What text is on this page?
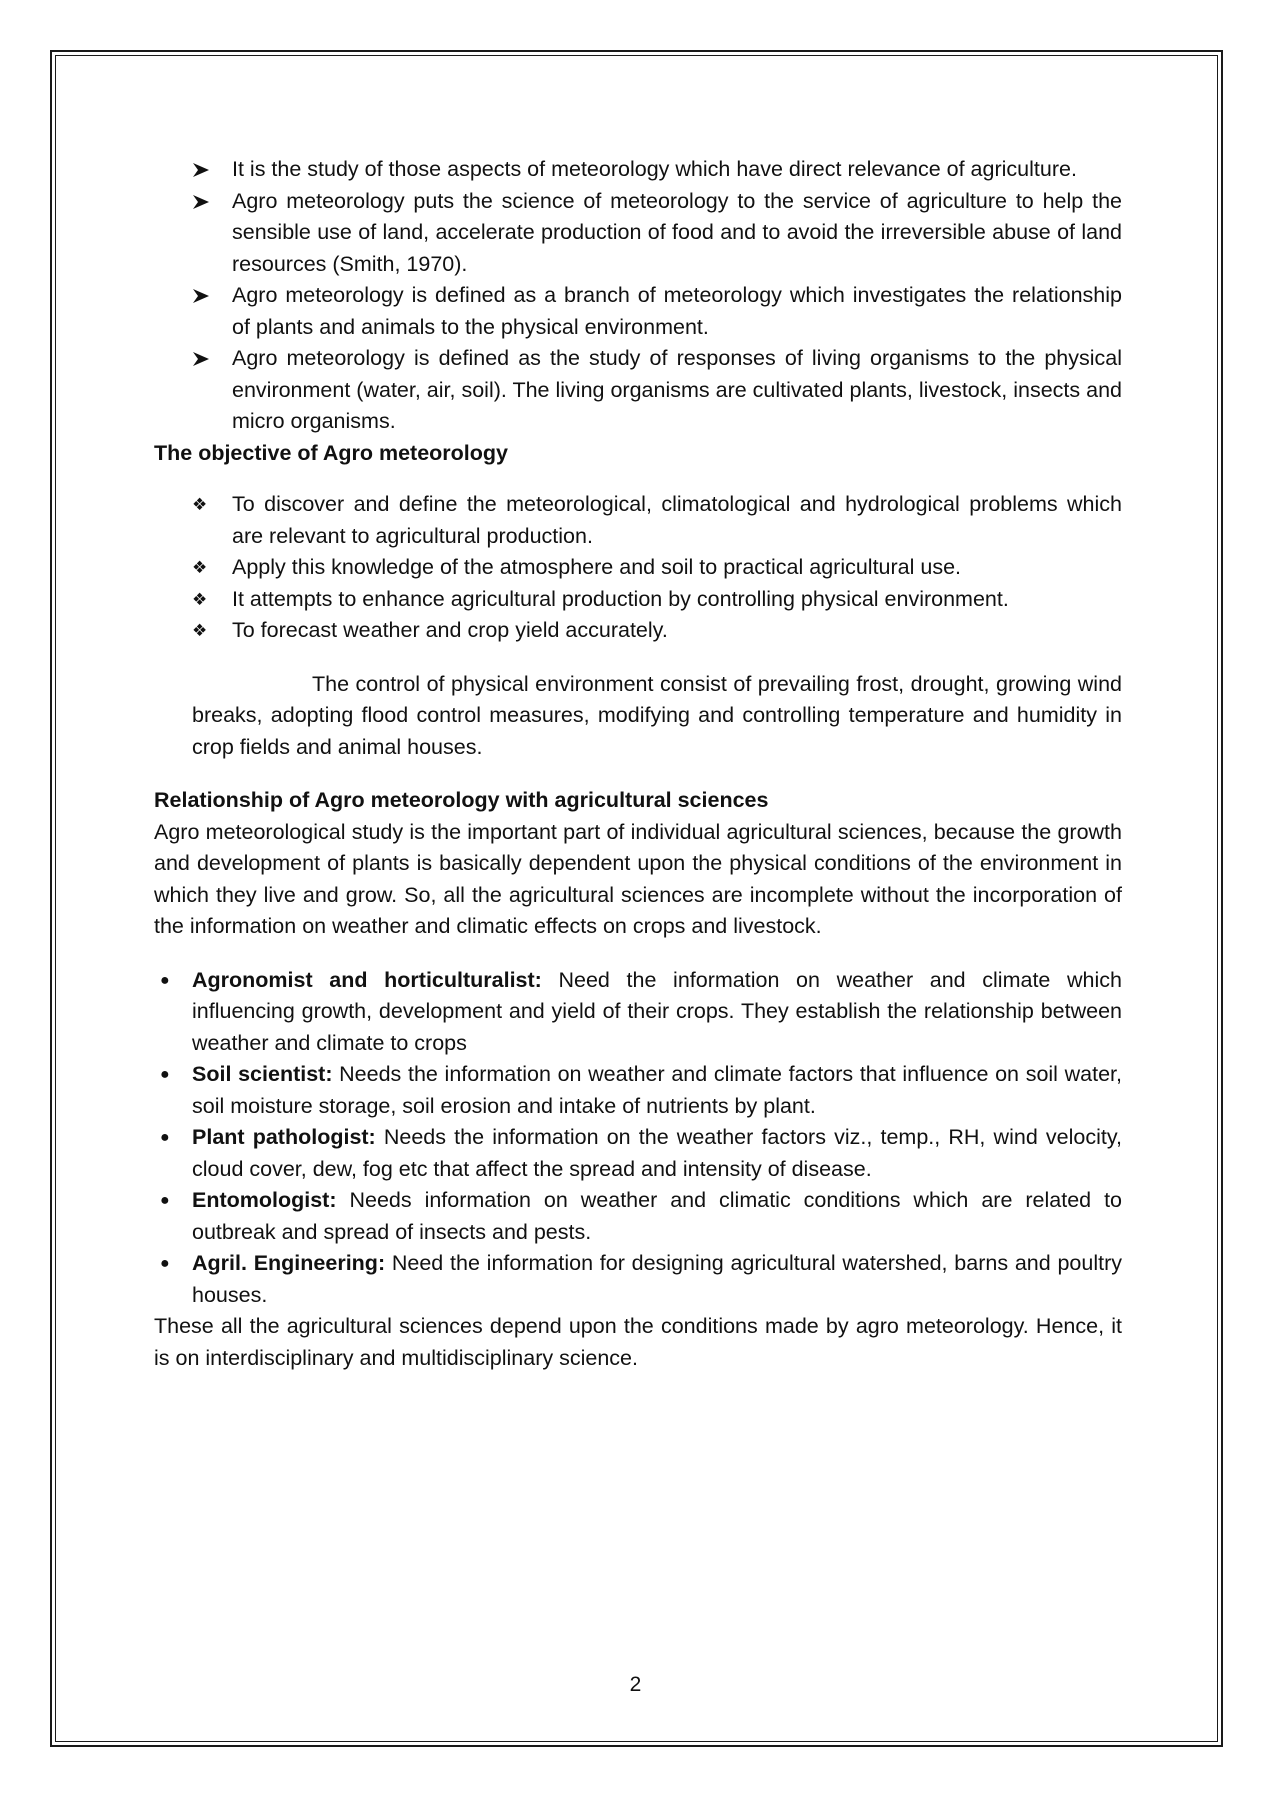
It is the study of those aspects of meteorology which have direct relevance of agriculture.
Agro meteorology puts the science of meteorology to the service of agriculture to help the sensible use of land, accelerate production of food and to avoid the irreversible abuse of land resources (Smith, 1970).
Agro meteorology is defined as a branch of meteorology which investigates the relationship of plants and animals to the physical environment.
Agro meteorology is defined as the study of responses of living organisms to the physical environment (water, air, soil). The living organisms are cultivated plants, livestock, insects and micro organisms.

The objective of Agro meteorology

❖	To discover and define the meteorological, climatological and hydrological problems which are relevant to agricultural production.
❖	Apply this knowledge of the atmosphere and soil to practical agricultural use.
❖	It attempts to enhance agricultural production by controlling physical environment.
❖	To forecast weather and crop yield accurately.

The control of physical environment consist of prevailing frost, drought, growing wind breaks, adopting flood control measures, modifying and controlling temperature and humidity in crop fields and animal houses.

Relationship of Agro meteorology with agricultural sciences

Agro meteorological study is the important part of individual agricultural sciences, because the growth and development of plants is basically dependent upon the physical conditions of the environment in which they live and grow. So, all the agricultural sciences are incomplete without the incorporation of the information on weather and climatic effects on crops and livestock.

●	Agronomist and horticulturalist: Need the information on weather and climate which influencing growth, development and yield of their crops. They establish the relationship between weather and climate to crops
●	Soil scientist: Needs the information on weather and climate factors that influence on soil water, soil moisture storage, soil erosion and intake of nutrients by plant.
●	Plant pathologist: Needs the information on the weather factors viz., temp., RH, wind velocity, cloud cover, dew, fog etc that affect the spread and intensity of disease.
●	Entomologist: Needs information on weather and climatic conditions which are related to outbreak and spread of insects and pests.
●	Agril. Engineering: Need the information for designing agricultural watershed, barns and poultry houses.

These all the agricultural sciences depend upon the conditions made by agro meteorology. Hence, it is on interdisciplinary and multidisciplinary science.

2
